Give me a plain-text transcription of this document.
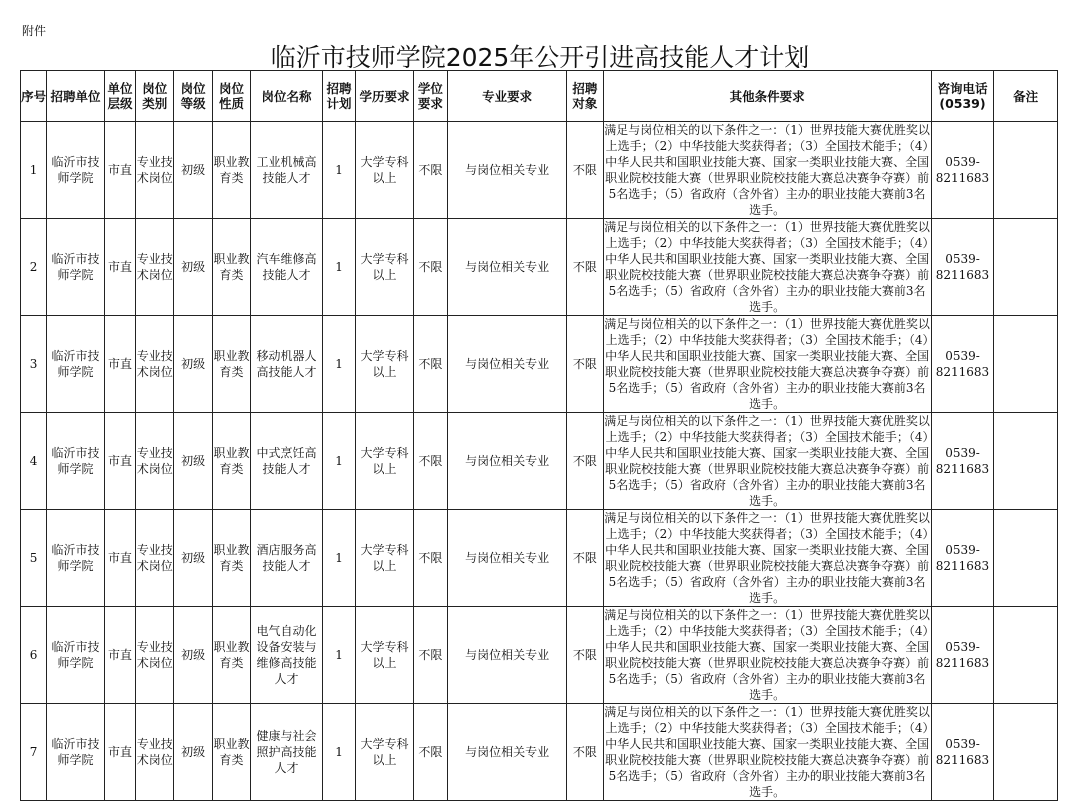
附件
临沂市技师学院2025年公开引进高技能人才计划
序号	招聘单位	单位层级	岗位类别	岗位等级	岗位性质	岗位名称	招聘计划	学历要求	学位要求	专业要求	招聘对象	其他条件要求	咨询电话(0539)	备注
1	临沂市技师学院	市直	专业技术岗位	初级	职业教育类	工业机械高技能人才	1	大学专科以上	不限	与岗位相关专业	不限	满足与岗位相关的以下条件之一：（1）世界技能大赛优胜奖以上选手；（2）中华技能大奖获得者；（3）全国技术能手；（4）中华人民共和国职业技能大赛、国家一类职业技能大赛、全国职业院校技能大赛（世界职业院校技能大赛总决赛争夺赛）前5名选手；（5）省政府（含外省）主办的职业技能大赛前3名选手。	0539-8211683	
2	临沂市技师学院	市直	专业技术岗位	初级	职业教育类	汽车维修高技能人才	1	大学专科以上	不限	与岗位相关专业	不限	满足与岗位相关的以下条件之一：（1）世界技能大赛优胜奖以上选手；（2）中华技能大奖获得者；（3）全国技术能手；（4）中华人民共和国职业技能大赛、国家一类职业技能大赛、全国职业院校技能大赛（世界职业院校技能大赛总决赛争夺赛）前5名选手；（5）省政府（含外省）主办的职业技能大赛前3名选手。	0539-8211683	
3	临沂市技师学院	市直	专业技术岗位	初级	职业教育类	移动机器人高技能人才	1	大学专科以上	不限	与岗位相关专业	不限	满足与岗位相关的以下条件之一：（1）世界技能大赛优胜奖以上选手；（2）中华技能大奖获得者；（3）全国技术能手；（4）中华人民共和国职业技能大赛、国家一类职业技能大赛、全国职业院校技能大赛（世界职业院校技能大赛总决赛争夺赛）前5名选手；（5）省政府（含外省）主办的职业技能大赛前3名选手。	0539-8211683	
4	临沂市技师学院	市直	专业技术岗位	初级	职业教育类	中式烹饪高技能人才	1	大学专科以上	不限	与岗位相关专业	不限	满足与岗位相关的以下条件之一：（1）世界技能大赛优胜奖以上选手；（2）中华技能大奖获得者；（3）全国技术能手；（4）中华人民共和国职业技能大赛、国家一类职业技能大赛、全国职业院校技能大赛（世界职业院校技能大赛总决赛争夺赛）前5名选手；（5）省政府（含外省）主办的职业技能大赛前3名选手。	0539-8211683	
5	临沂市技师学院	市直	专业技术岗位	初级	职业教育类	酒店服务高技能人才	1	大学专科以上	不限	与岗位相关专业	不限	满足与岗位相关的以下条件之一：（1）世界技能大赛优胜奖以上选手；（2）中华技能大奖获得者；（3）全国技术能手；（4）中华人民共和国职业技能大赛、国家一类职业技能大赛、全国职业院校技能大赛（世界职业院校技能大赛总决赛争夺赛）前5名选手；（5）省政府（含外省）主办的职业技能大赛前3名选手。	0539-8211683	
6	临沂市技师学院	市直	专业技术岗位	初级	职业教育类	电气自动化设备安装与维修高技能人才	1	大学专科以上	不限	与岗位相关专业	不限	满足与岗位相关的以下条件之一：（1）世界技能大赛优胜奖以上选手；（2）中华技能大奖获得者；（3）全国技术能手；（4）中华人民共和国职业技能大赛、国家一类职业技能大赛、全国职业院校技能大赛（世界职业院校技能大赛总决赛争夺赛）前5名选手；（5）省政府（含外省）主办的职业技能大赛前3名选手。	0539-8211683	
7	临沂市技师学院	市直	专业技术岗位	初级	职业教育类	健康与社会照护高技能人才	1	大学专科以上	不限	与岗位相关专业	不限	满足与岗位相关的以下条件之一：（1）世界技能大赛优胜奖以上选手；（2）中华技能大奖获得者；（3）全国技术能手；（4）中华人民共和国职业技能大赛、国家一类职业技能大赛、全国职业院校技能大赛（世界职业院校技能大赛总决赛争夺赛）前5名选手；（5）省政府（含外省）主办的职业技能大赛前3名选手。	0539-8211683	
